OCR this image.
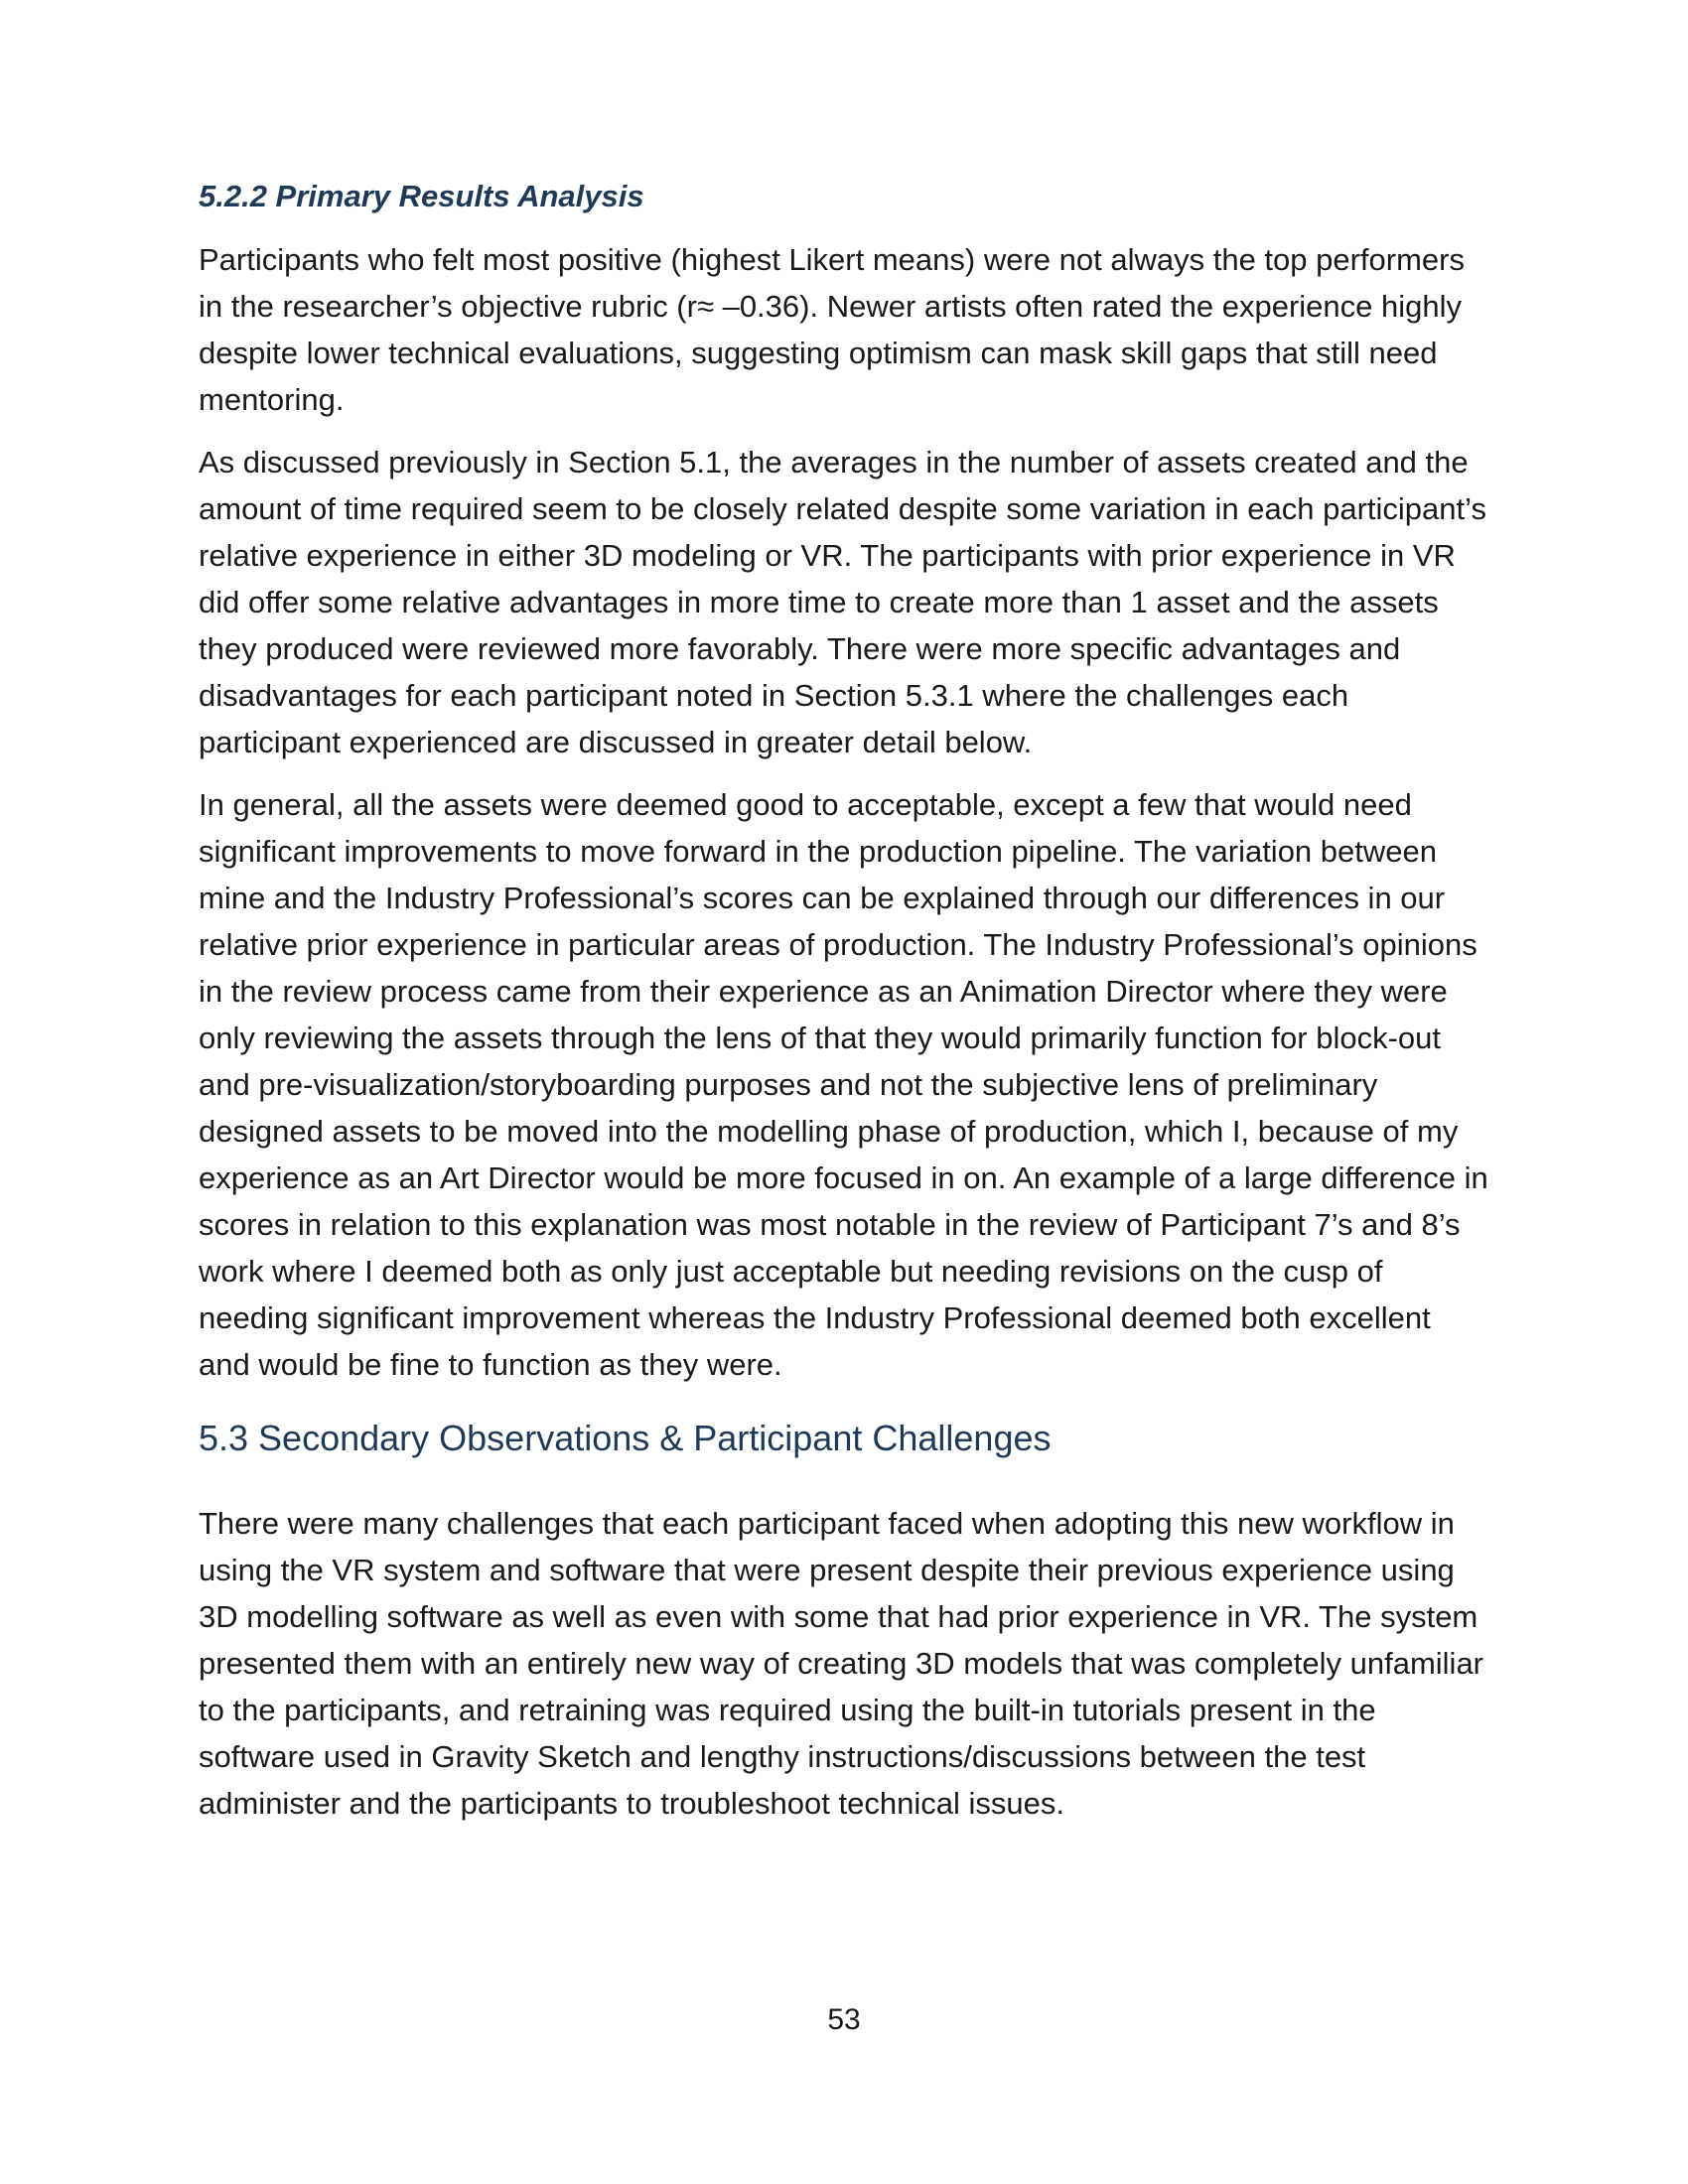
5.2.2 Primary Results Analysis

Participants who felt most positive (highest Likert means) were not always the top performers in the researcher’s objective rubric (r≈ –0.36). Newer artists often rated the experience highly despite lower technical evaluations, suggesting optimism can mask skill gaps that still need mentoring.

As discussed previously in Section 5.1, the averages in the number of assets created and the amount of time required seem to be closely related despite some variation in each participant’s relative experience in either 3D modeling or VR. The participants with prior experience in VR did offer some relative advantages in more time to create more than 1 asset and the assets they produced were reviewed more favorably. There were more specific advantages and disadvantages for each participant noted in Section 5.3.1 where the challenges each participant experienced are discussed in greater detail below.

In general, all the assets were deemed good to acceptable, except a few that would need significant improvements to move forward in the production pipeline. The variation between mine and the Industry Professional’s scores can be explained through our differences in our relative prior experience in particular areas of production. The Industry Professional’s opinions in the review process came from their experience as an Animation Director where they were only reviewing the assets through the lens of that they would primarily function for block-out and pre-visualization/storyboarding purposes and not the subjective lens of preliminary designed assets to be moved into the modelling phase of production, which I, because of my experience as an Art Director would be more focused in on. An example of a large difference in scores in relation to this explanation was most notable in the review of Participant 7’s and 8’s work where I deemed both as only just acceptable but needing revisions on the cusp of needing significant improvement whereas the Industry Professional deemed both excellent and would be fine to function as they were.

5.3 Secondary Observations & Participant Challenges

There were many challenges that each participant faced when adopting this new workflow in using the VR system and software that were present despite their previous experience using 3D modelling software as well as even with some that had prior experience in VR. The system presented them with an entirely new way of creating 3D models that was completely unfamiliar to the participants, and retraining was required using the built-in tutorials present in the software used in Gravity Sketch and lengthy instructions/discussions between the test administer and the participants to troubleshoot technical issues.

53
